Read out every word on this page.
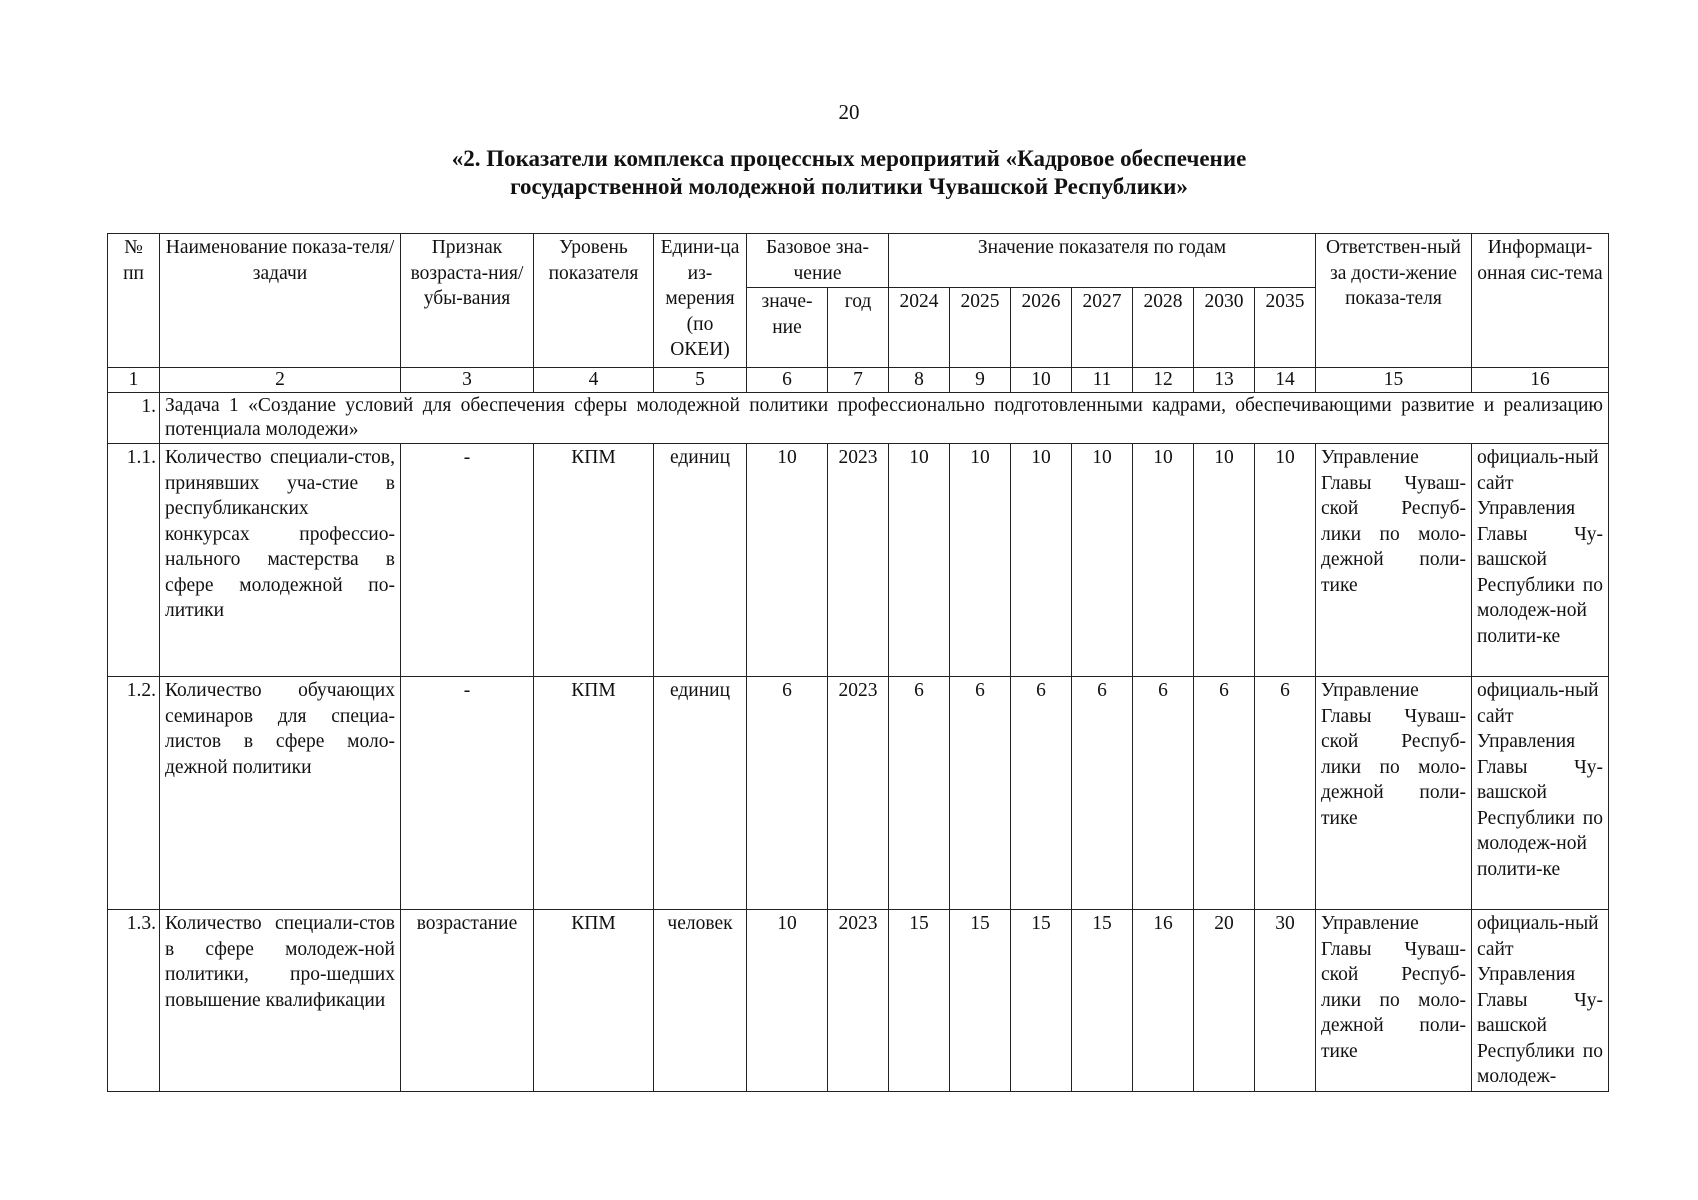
20
«2. Показатели комплекса процессных мероприятий «Кадровое обеспечение
государственной молодежной политики Чувашской Республики»
№ пп	Наименование показа-теля/задачи	Признак возраста-ния/убы-вания	Уровень показателя	Едини-ца из-мерения (по ОКЕИ)	Базовое зна-чение		Значение показателя по годам							Ответствен-ный за дости-жение показа-теля	Информаци-онная сис-тема
					значе-ние	год	2024	2025	2026	2027	2028	2030	2035		

1	2	3	4	5	6	7	8	9	10	11	12	13	14	15	16
1.	Задача 1 «Создание условий для обеспечения сферы молодежной политики профессионально подготовленными кадрами, обеспечивающими развитие и реализацию потенциала молодежи»														
1.1.	Количество специали-стов, принявших уча-стие в республиканских конкурсах профессио-нального мастерства в сфере молодежной по-литики	-	КПМ	единиц	10	2023	10	10	10	10	10	10	10	Управление Главы Чуваш-ской Респуб-лики по моло-дежной поли-тике	официаль-ный сайт Управления Главы Чу-вашской Республики по молодеж-ной полити-ке
1.2.	Количество обучающих семинаров для специа-листов в сфере моло-дежной политики	-	КПМ	единиц	6	2023	6	6	6	6	6	6	6	Управление Главы Чуваш-ской Респуб-лики по моло-дежной поли-тике	официаль-ный сайт Управления Главы Чу-вашской Республики по молодеж-ной полити-ке
1.3.	Количество специали-стов в сфере молодеж-ной политики, про-шедших повышение квалификации	возрастание	КПМ	человек	10	2023	15	15	15	15	16	20	30	Управление Главы Чуваш-ской Респуб-лики по моло-дежной поли-тике	официаль-ный сайт Управления Главы Чу-вашской Республики по молодеж-
